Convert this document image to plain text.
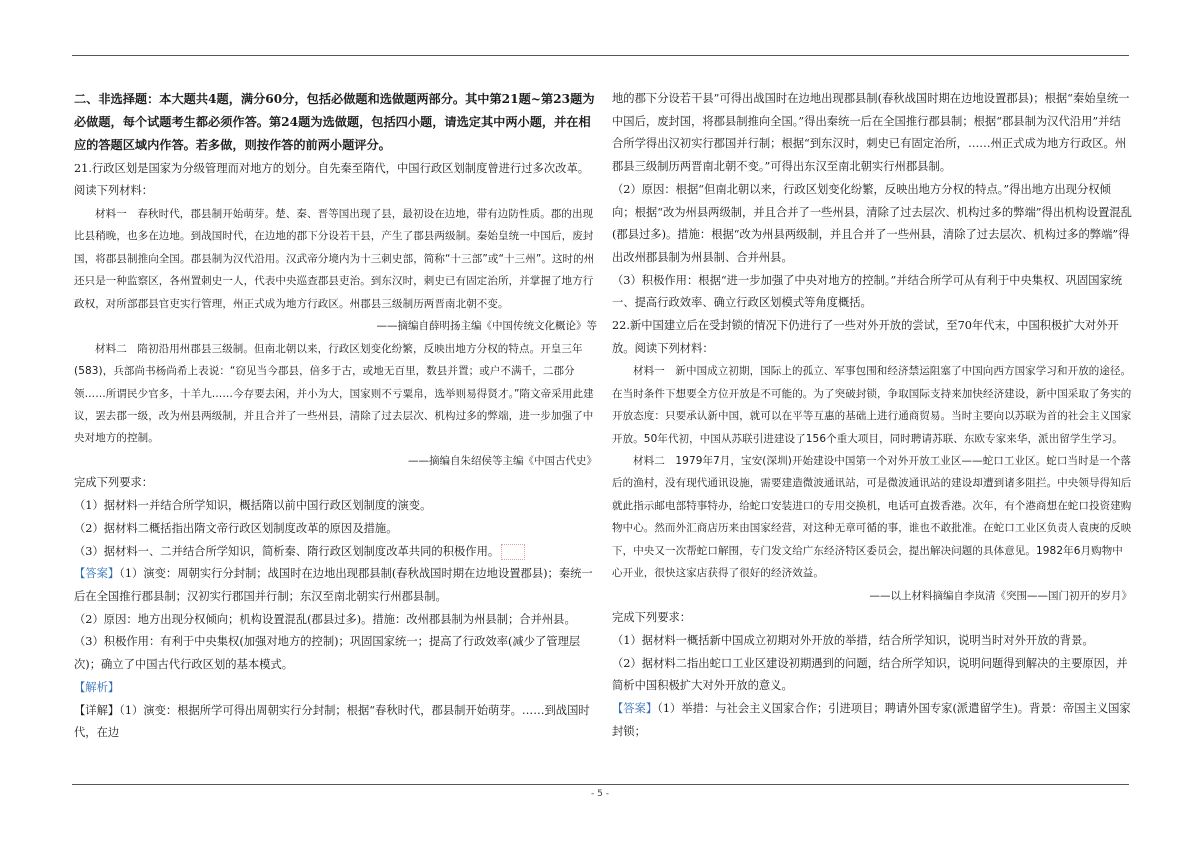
二、非选择题：本大题共4题，满分60分，包括必做题和选做题两部分。其中第21题~第23题为必做题，每个试题考生都必须作答。第24题为选做题，包括四小题，请选定其中两小题，并在相应的答题区域内作答。若多做，则按作答的前两小题评分。

21.行政区划是国家为分级管理而对地方的划分。自先秦至隋代，中国行政区划制度曾进行过多次改革。阅读下列材料：

材料一　春秋时代，郡县制开始萌芽。楚、秦、晋等国出现了县，最初设在边地，带有边防性质。郡的出现比县稍晚，也多在边地。到战国时代，在边地的郡下分设若干县，产生了郡县两级制。秦始皇统一中国后，废封国，将郡县制推向全国。郡县制为汉代沿用。汉武帝分境内为十三刺史部，简称“十三部”或“十三州”。这时的州还只是一种监察区，各州置刺史一人，代表中央巡查郡县吏治。到东汉时，刺史已有固定治所，并掌握了地方行政权，对所部郡县官吏实行管理，州正式成为地方行政区。州郡县三级制历两晋南北朝不变。

——摘编自薛明扬主编《中国传统文化概论》等

材料二　隋初沿用州郡县三级制。但南北朝以来，行政区划变化纷繁，反映出地方分权的特点。开皇三年(583)，兵部尚书杨尚希上表说：“窃见当今郡县，倍多于古，或地无百里，数县并置；或户不满千，二郡分领……所谓民少官多，十羊九……今存要去闲，并小为大，国家则不亏粟帛，选举则易得贤才。”隋文帝采用此建议，罢去郡一级，改为州县两级制，并且合并了一些州县，清除了过去层次、机构过多的弊端，进一步加强了中央对地方的控制。

——摘编自朱绍侯等主编《中国古代史》

完成下列要求：

（1）据材料一并结合所学知识，概括隋以前中国行政区划制度的演变。

（2）据材料二概括指出隋文帝行政区划制度改革的原因及措施。

（3）据材料一、二并结合所学知识，简析秦、隋行政区划制度改革共同的积极作用。

【答案】（1）演变：周朝实行分封制；战国时在边地出现郡县制(春秋战国时期在边地设置郡县)；秦统一后在全国推行郡县制；汉初实行郡国并行制；东汉至南北朝实行州郡县制。

（2）原因：地方出现分权倾向；机构设置混乱(郡县过多)。措施：改州郡县制为州县制；合并州县。

（3）积极作用：有利于中央集权(加强对地方的控制)；巩固国家统一；提高了行政效率(减少了管理层次)；确立了中国古代行政区划的基本模式。

【解析】

【详解】（1）演变：根据所学可得出周朝实行分封制；根据“春秋时代，郡县制开始萌芽。……到战国时代，在边

地的郡下分设若干县”可得出战国时在边地出现郡县制(春秋战国时期在边地设置郡县)；根据“秦始皇统一中国后，废封国，将郡县制推向全国。”得出秦统一后在全国推行郡县制；根据“郡县制为汉代沿用”并结合所学得出汉初实行郡国并行制；根据“到东汉时，刺史已有固定治所，……州正式成为地方行政区。州郡县三级制历两晋南北朝不变。”可得出东汉至南北朝实行州郡县制。

（2）原因：根据“但南北朝以来，行政区划变化纷繁，反映出地方分权的特点。”得出地方出现分权倾向；根据“改为州县两级制，并且合并了一些州县，清除了过去层次、机构过多的弊端”得出机构设置混乱(郡县过多)。措施：根据“改为州县两级制，并且合并了一些州县，清除了过去层次、机构过多的弊端”得出改州郡县制为州县制、合并州县。

（3）积极作用：根据“进一步加强了中央对地方的控制。”并结合所学可从有利于中央集权、巩固国家统一、提高行政效率、确立行政区划模式等角度概括。

22.新中国建立后在受封锁的情况下仍进行了一些对外开放的尝试，至70年代末，中国积极扩大对外开放。阅读下列材料：

材料一　新中国成立初期，国际上的孤立、军事包围和经济禁运阻塞了中国向西方国家学习和开放的途径。在当时条件下想要全方位开放是不可能的。为了突破封锁，争取国际支持来加快经济建设，新中国采取了务实的开放态度：只要承认新中国，就可以在平等互惠的基础上进行通商贸易。当时主要向以苏联为首的社会主义国家开放。50年代初，中国从苏联引进建设了156个重大项目，同时聘请苏联、东欧专家来华，派出留学生学习。

材料二　1979年7月，宝安(深圳)开始建设中国第一个对外开放工业区——蛇口工业区。蛇口当时是一个落后的渔村，没有现代通讯设施，需要建造微波通讯站，可是微波通讯站的建设却遭到诸多阻拦。中央领导得知后就此指示邮电部特事特办，给蛇口安装进口的专用交换机，电话可直拨香港。次年，有个港商想在蛇口投资建购物中心。然而外汇商店历来由国家经营，对这种无章可循的事，谁也不敢批准。在蛇口工业区负责人袁庚的反映下，中央又一次帮蛇口解围，专门发文给广东经济特区委员会，提出解决问题的具体意见。1982年6月购物中心开业，很快这家店获得了很好的经济效益。

——以上材料摘编自李岚清《突围——国门初开的岁月》

完成下列要求：

（1）据材料一概括新中国成立初期对外开放的举措，结合所学知识，说明当时对外开放的背景。

（2）据材料二指出蛇口工业区建设初期遇到的问题，结合所学知识，说明问题得到解决的主要原因，并简析中国积极扩大对外开放的意义。

【答案】（1）举措：与社会主义国家合作；引进项目；聘请外国专家(派遣留学生)。背景：帝国主义国家封锁；

- 5 -
